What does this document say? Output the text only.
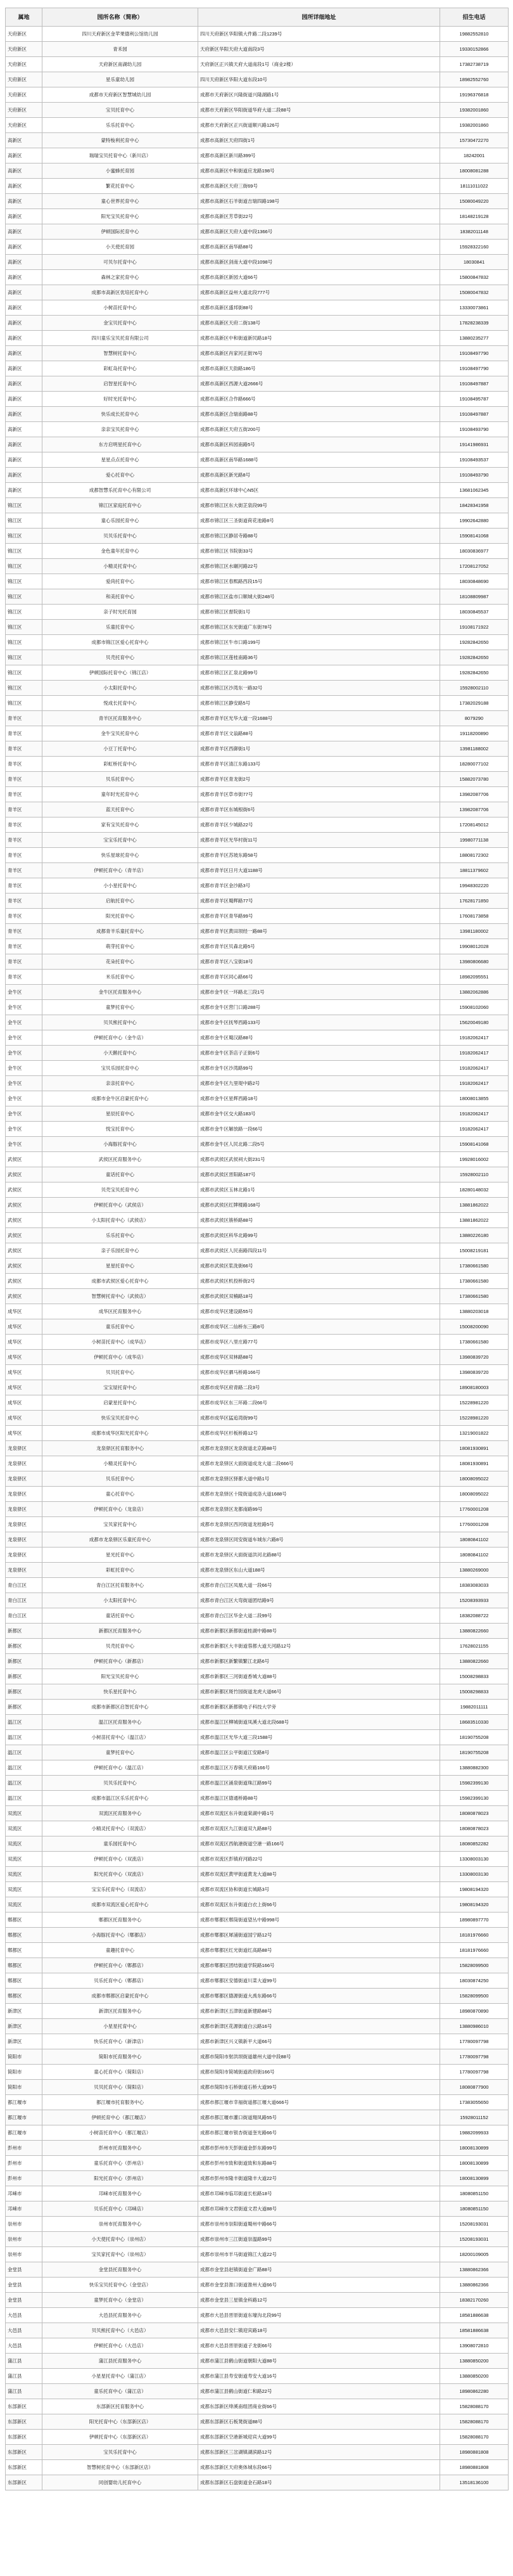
属地	园所名称（简称）	园所详细地址	招生电话
天府新区	四川天府新区金苹果德利公馆幼儿园	四川天府新区华阳镇大件路二段1239号	19882552810
天府新区	青禾园	天府新区华阳天府大道南段3号	19330152866
天府新区	天府新区南湖幼儿园	天府新区正兴镇天府大道南段1号（商业2楼）	17382738719
天府新区	星乐童幼儿园	四川天府新区华阳大道东段10号	18982552760
天府新区	成都市天府新区智慧城幼儿园	成都市天府新区兴隆街道兴隆湖路1号	19196376818
天府新区	宝贝托育中心	成都市天府新区华阳街道华府大道二段88号	19382001860
天府新区	乐乐托育中心	成都市天府新区正兴街道顺兴路126号	19382001860
高新区	蒙特梭利托育中心	成都市高新区天府四街1号	15730472270
高新区	瑞瑞宝贝托育中心（新川店）	成都市高新区新川路399号	18242001
高新区	小蜜蜂托育园	成都市高新区中和街道应龙路198号	18008081288
高新区	繁花托育中心	成都市高新区天府三街69号	18111011022
高新区	童心世界托育中心	成都市高新区石羊街道吉瑞四路198号	15080049220
高新区	阳光宝贝托育中心	成都市高新区芳草街22号	18148219128
高新区	伊顿国际托育中心	成都市高新区天府大道中段1366号	18382011148
高新区	小天使托育园	成都市高新区南华路88号	15928322160
高新区	可贝尔托育中心	成都市高新区剑南大道中段1098号	18030841
高新区	森林之家托育中心	成都市高新区新园大道66号	15800847832
高新区	成都市高新区优培托育中心	成都市高新区益州大道北段777号	15080047832
高新区	小树苗托育中心	成都市高新区盛邦街88号	13330073861
高新区	金宝贝托育中心	成都市高新区天府二街138号	17828238339
高新区	四川童乐宝贝托育有限公司	成都市高新区中和街道新民路18号	13880235277
高新区	智慧树托育中心	成都市高新区肖家河正街76号	19108497790
高新区	彩虹岛托育中心	成都市高新区天韵路186号	19108497790
高新区	启智星托育中心	成都市高新区西源大道2666号	19108497887
高新区	好时光托育中心	成都市高新区合作路666号	19108495787
高新区	快乐成长托育中心	成都市高新区合瑞南路88号	19108497887
高新区	亲亲宝贝托育中心	成都市高新区天府五街200号	19108493790
高新区	东方启明星托育中心	成都市高新区科园南路5号	19141986931
高新区	星星点点托育中心	成都市高新区南华路1688号	19108493537
高新区	爱心托育中心	成都市高新区新光路8号	19108493790
高新区	成都智慧乐托育中心有限公司	成都市高新区环球中心N5区	13681062345
锦江区	锦江区家庭托育中心	成都市锦江区东大街芷泉段99号	18428341958
锦江区	童心乐园托育中心	成都市锦江区三圣街道荷花池路8号	19902642880
锦江区	贝贝乐托育中心	成都市锦江区静居寺路88号	15908141068
锦江区	金色童年托育中心	成都市锦江区书院街33号	18030836977
锦江区	小精灵托育中心	成都市锦江区水碾河路22号	17208127052
锦江区	爱尚托育中心	成都市锦江区春熙路西段15号	18030848690
锦江区	和美托育中心	成都市锦江区盐市口顺城大街248号	18108809987
锦江区	亲子时光托育园	成都市锦江区督院街1号	18030845537
锦江区	乐童托育中心	成都市锦江区东光街道广东街78号	19108171922
锦江区	成都市锦江区爱心托育中心	成都市锦江区牛市口路199号	19282842650
锦江区	贝壳托育中心	成都市锦江区莲桂南路36号	19282842650
锦江区	伊顿国际托育中心（锦江店）	成都市锦江区汇泉北路99号	19282842650
锦江区	小太阳托育中心	成都市锦江区沙湾东一路32号	15928002110
锦江区	悦成长托育中心	成都市锦江区静安路5号	17382029188
青羊区	青羊区托育服务中心	成都市青羊区光华大道一段1688号	8079290
青羊区	金牛宝贝托育中心	成都市青羊区文翁路88号	19118200890
青羊区	小豆丁托育中心	成都市青羊区西御街1号	13981188002
青羊区	彩虹桥托育中心	成都市青羊区清江东路133号	18280077102
青羊区	贝乐托育中心	成都市青羊区青龙街2号	15882073780
青羊区	童年时光托育中心	成都市青羊区草市街77号	13982087706
青羊区	蓝天托育中心	成都市青羊区东城根街6号	13982087706
青羊区	家有宝贝托育中心	成都市青羊区少城路22号	17208145012
青羊区	宝宝乐托育中心	成都市青羊区光华村街11号	19980771138
青羊区	快乐星球托育中心	成都市青羊区苏坡东路58号	18808172302
青羊区	伊顿托育中心（青羊店）	成都市青羊区日月大道1188号	18811379602
青羊区	小小星托育中心	成都市青羊区金沙路3号	19948302220
青羊区	启航托育中心	成都市青羊区蜀辉路77号	17628171850
青羊区	阳光托育中心	成都市青羊区青华路99号	17608173858
青羊区	成都青羊乐童托育中心	成都市青羊区黄田坝经一路88号	13981180002
青羊区	萌芽托育中心	成都市青羊区贝森北路5号	19908012028
青羊区	花朵托育中心	成都市青羊区八宝街18号	13980806680
青羊区	米乐托育中心	成都市青羊区同心路66号	18982095551
金牛区	金牛区托育服务中心	成都市金牛区一环路北三段1号	13882062886
金牛区	童梦托育中心	成都市金牛区营门口路288号	15908102060
金牛区	贝贝熊托育中心	成都市金牛区抚琴西路133号	15620049180
金牛区	伊顿托育中心（金牛店）	成都市金牛区蜀汉路88号	19182062417
金牛区	小天鹅托育中心	成都市金牛区茶店子正街6号	19182062417
金牛区	宝贝乐园托育中心	成都市金牛区沙湾路99号	19182062417
金牛区	亲亲托育中心	成都市金牛区九里堤中路2号	19182062417
金牛区	成都市金牛区启蒙托育中心	成都市金牛区星辉西路18号	18008013855
金牛区	星辰托育中心	成都市金牛区交大路183号	19182062417
金牛区	悦宝托育中心	成都市金牛区解放路一段66号	19182062417
金牛区	小海豚托育中心	成都市金牛区人民北路二段5号	15908141068
武侯区	武侯区托育服务中心	成都市武侯区武侯祠大街231号	19928016002
武侯区	童话托育中心	成都市武侯区晋阳路187号	15928002110
武侯区	贝壳宝贝托育中心	成都市武侯区玉林北路1号	18280148032
武侯区	伊顿托育中心（武侯店）	成都市武侯区红牌楼路168号	13881862022
武侯区	小太阳托育中心（武侯店）	成都市武侯区簇桥路88号	13881862022
武侯区	乐乐托育中心	成都市武侯区科华北路99号	13880226180
武侯区	亲子乐园托育中心	成都市武侯区人民南路四段11号	15008219181
武侯区	星星托育中心	成都市武侯区浆洗街66号	17380661580
武侯区	成都市武侯区爱心托育中心	成都市武侯区机投桥街2号	17380661580
武侯区	智慧树托育中心（武侯店）	成都市武侯区双楠路18号	17380661580
成华区	成华区托育服务中心	成都市成华区建设路55号	13880203018
成华区	童乐托育中心	成都市成华区二仙桥东三路8号	15008200090
成华区	小树苗托育中心（成华店）	成都市成华区八里庄路77号	17380661580
成华区	伊顿托育中心（成华店）	成都市成华区双林路88号	13980839720
成华区	贝贝托育中心	成都市成华区驷马桥路166号	13980839720
成华区	宝宝屋托育中心	成都市成华区府青路二段3号	18908180003
成华区	启蒙星托育中心	成都市成华区东三环路二段66号	15228981220
成华区	快乐宝贝托育中心	成都市成华区猛追湾街99号	15228981220
成华区	成都市成华区阳光托育中心	成都市成华区杉板桥路12号	13219001822
龙泉驿区	龙泉驿区托育服务中心	成都市龙泉驿区龙泉街道北京路88号	18081930891
龙泉驿区	小精灵托育中心	成都市龙泉驿区大面街道成龙大道二段666号	18081930891
龙泉驿区	贝乐托育中心	成都市龙泉驿区驿都大道中路1号	18008095022
龙泉驿区	童心托育中心	成都市龙泉驿区十陵街道成洛大道1688号	18008095022
龙泉驿区	伊顿托育中心（龙泉店）	成都市龙泉驿区龙都南路99号	17760001208
龙泉驿区	宝贝家托育中心	成都市龙泉驿区西河街道龙桂路5号	17760001208
龙泉驿区	成都市龙泉驿区乐童托育中心	成都市龙泉驿区同安街道车城东六路8号	18080841102
龙泉驿区	星光托育中心	成都市龙泉驿区大面街道洪河北路88号	18080841102
龙泉驿区	彩虹托育中心	成都市龙泉驿区东山大道188号	13880269000
青白江区	青白江区托育服务中心	成都市青白江区凤凰大道一段66号	18383083033
青白江区	小太阳托育中心	成都市青白江区大弯街道团结路9号	15208393933
青白江区	童话托育中心	成都市青白江区华金大道二段99号	18382088722
新都区	新都区托育服务中心	成都市新都区新都街道桂湖中路88号	13880822660
新都区	贝壳托育中心	成都市新都区大丰街道蓉都大道天河路12号	17628021155
新都区	伊顿托育中心（新都店）	成都市新都区新繁镇繁江北路6号	13880822660
新都区	阳光宝贝托育中心	成都市新都区三河街道香城大道88号	15008298833
新都区	快乐星托育中心	成都市新都区斑竹园街道龙虎大道66号	15008298833
新都区	成都市新都区启智托育中心	成都市新都区新都镇电子科技大学旁	19882011111
温江区	温江区托育服务中心	成都市温江区柳城街道凤溪大道北段688号	18683510330
温江区	小树苗托育中心（温江店）	成都市温江区光华大道三段1588号	18190755208
温江区	童梦托育中心	成都市温江区公平街道江安路8号	18190755208
温江区	伊顿托育中心（温江店）	成都市温江区万春镇天府路166号	13880882300
温江区	贝贝乐托育中心	成都市温江区涌泉街道珠江路99号	15982399130
温江区	成都市温江区乐乐托育中心	成都市温江区德通桥路88号	15982399130
双流区	双流区托育服务中心	成都市双流区东升街道棠湖中路1号	18080878023
双流区	小精灵托育中心（双流店）	成都市双流区九江街道双九路88号	18080878023
双流区	童乐园托育中心	成都市双流区西航港街道空港一路166号	18080852282
双流区	伊顿托育中心（双流店）	成都市双流区彭镇府河路22号	13308003130
双流区	阳光托育中心（双流店）	成都市双流区黄甲街道黄龙大道88号	13308003130
双流区	宝宝乐托育中心（双流店）	成都市双流区协和街道长城路3号	19808194320
双流区	成都市双流区爱心托育中心	成都市双流区东升街道白衣上街66号	19808194320
郫都区	郫都区托育服务中心	成都市郫都区郫筒街道望丛中路998号	18980897770
郫都区	小海豚托育中心（郫都店）	成都市郫都区犀浦街道国宁路12号	18181976660
郫都区	童趣托育中心	成都市郫都区红光街道红高路88号	18181976660
郫都区	伊顿托育中心（郫都店）	成都市郫都区团结街道学院路166号	15828099500
郫都区	贝乐托育中心（郫都店）	成都市郫都区安德街道川菜大道99号	18030874250
郫都区	成都市郫都区启蒙托育中心	成都市郫都区德源街道大禹东路66号	15828099500
新津区	新津区托育服务中心	成都市新津区五津街道新建路88号	18980870890
新津区	小星星托育中心	成都市新津区花源街道白云路16号	13880986010
新津区	快乐托育中心（新津店）	成都市新津区兴义镇新平大道66号	17780097798
简阳市	简阳市托育服务中心	成都市简阳市射洪坝街道雄州大道中段88号	17780097798
简阳市	童心托育中心（简阳店）	成都市简阳市简城街道政府街166号	17780097798
简阳市	贝贝托育中心（简阳店）	成都市简阳市石桥街道石桥大道99号	18080877900
都江堰市	都江堰市托育服务中心	成都市都江堰市幸福街道都江堰大道666号	17383055650
都江堰市	伊顿托育中心（都江堰店）	成都市都江堰市灌口街道翔凤路55号	15928011152
都江堰市	小树苗托育中心（都江堰店）	成都市都江堰市银杏街道奎光路66号	19882099933
彭州市	彭州市托育服务中心	成都市彭州市天彭街道金彭东路99号	18008130899
彭州市	童乐托育中心（彭州店）	成都市彭州市致和街道致和东路88号	18008130899
彭州市	阳光托育中心（彭州店）	成都市彭州市隆丰街道隆丰大道22号	18008130899
邛崃市	邛崃市托育服务中心	成都市邛崃市临邛街道长松路18号	18080851150
邛崃市	贝乐托育中心（邛崃店）	成都市邛崃市文君街道文君大道88号	18080851150
崇州市	崇州市托育服务中心	成都市崇州市崇阳街道蜀州中路66号	15208193031
崇州市	小天使托育中心（崇州店）	成都市崇州市三江街道崇温路99号	15208193031
崇州市	宝贝家托育中心（崇州店）	成都市崇州市羊马街道锦江大道22号	18200109005
金堂县	金堂县托育服务中心	成都市金堂县赵镇街道金广路88号	13880862366
金堂县	快乐宝贝托育中心（金堂店）	成都市金堂县淮口街道淮州大道66号	13880862366
金堂县	童梦托育中心（金堂店）	成都市金堂县三星镇金科路12号	18382170260
大邑县	大邑县托育服务中心	成都市大邑县晋原街道东壕沟北段99号	18581886638
大邑县	贝贝熊托育中心（大邑店）	成都市大邑县安仁镇迎宾路18号	18581886638
大邑县	伊顿托育中心（大邑店）	成都市大邑县晋原街道子龙街66号	13908072810
蒲江县	蒲江县托育服务中心	成都市蒲江县鹤山街道朝阳大道88号	13880850200
蒲江县	小星星托育中心（蒲江店）	成都市蒲江县寿安街道寿安大道16号	13880850200
蒲江县	童乐托育中心（蒲江店）	成都市蒲江县鹤山街道仁和路22号	18980862280
东部新区	东部新区托育服务中心	成都东部新区绛溪南组团商业街66号	15828088170
东部新区	阳光托育中心（东部新区店）	成都东部新区石板凳街道88号	15828088170
东部新区	伊顿托育中心（东部新区店）	成都东部新区空港新城迎宾大道99号	15828088170
东部新区	宝贝乐托育中心	成都东部新区三岔湖镇湖滨路12号	18980881808
东部新区	智慧树托育中心（东部新区店）	成都东部新区天府奥体城东段66号	18980881808
东部新区	同创婴幼儿托育中心	成都东部新区石盘街道金石路18号	13518136100
